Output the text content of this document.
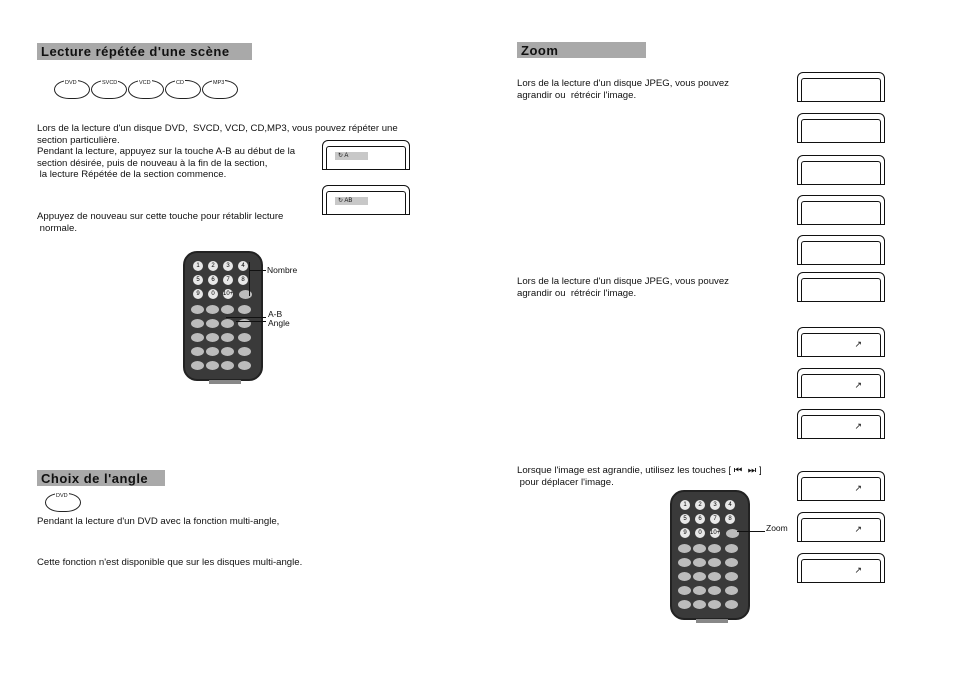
Lecture répétée d'une scène
DVD	SVCD	VCD	CD	MP3
Lors de la lecture d'un disque DVD,  SVCD, VCD, CD,MP3, vous pouvez répéter une
section particulière.
Pendant la lecture, appuyez sur la touche A-B au début de la
section désirée, puis de nouveau à la fin de la section,
la lecture Répétée de la section commence.
↻ A
↻ AB
Appuyez de nouveau sur cette touche pour rétablir lecture
normale.
1	2	3	4
5	6	7	8
9	0	10+
Nombre
A-B
Angle
Choix de l'angle
DVD
Pendant la lecture d'un DVD avec la fonction multi-angle,
Cette fonction n'est disponible que sur les disques multi-angle.
Zoom
Lors de la lecture d'un disque JPEG, vous pouvez
agrandir ou  rétrécir l'image.
Lors de la lecture d'un disque JPEG, vous pouvez
agrandir ou  rétrécir l'image.
Lorsque l'image est agrandie, utilisez les touches [ ⏮  ⏭ ]
pour déplacer l'image.
↗
↗
↗
↗
↗
↗
1	2	3	4
5	6	7	8
9	0	10+	Zoom
